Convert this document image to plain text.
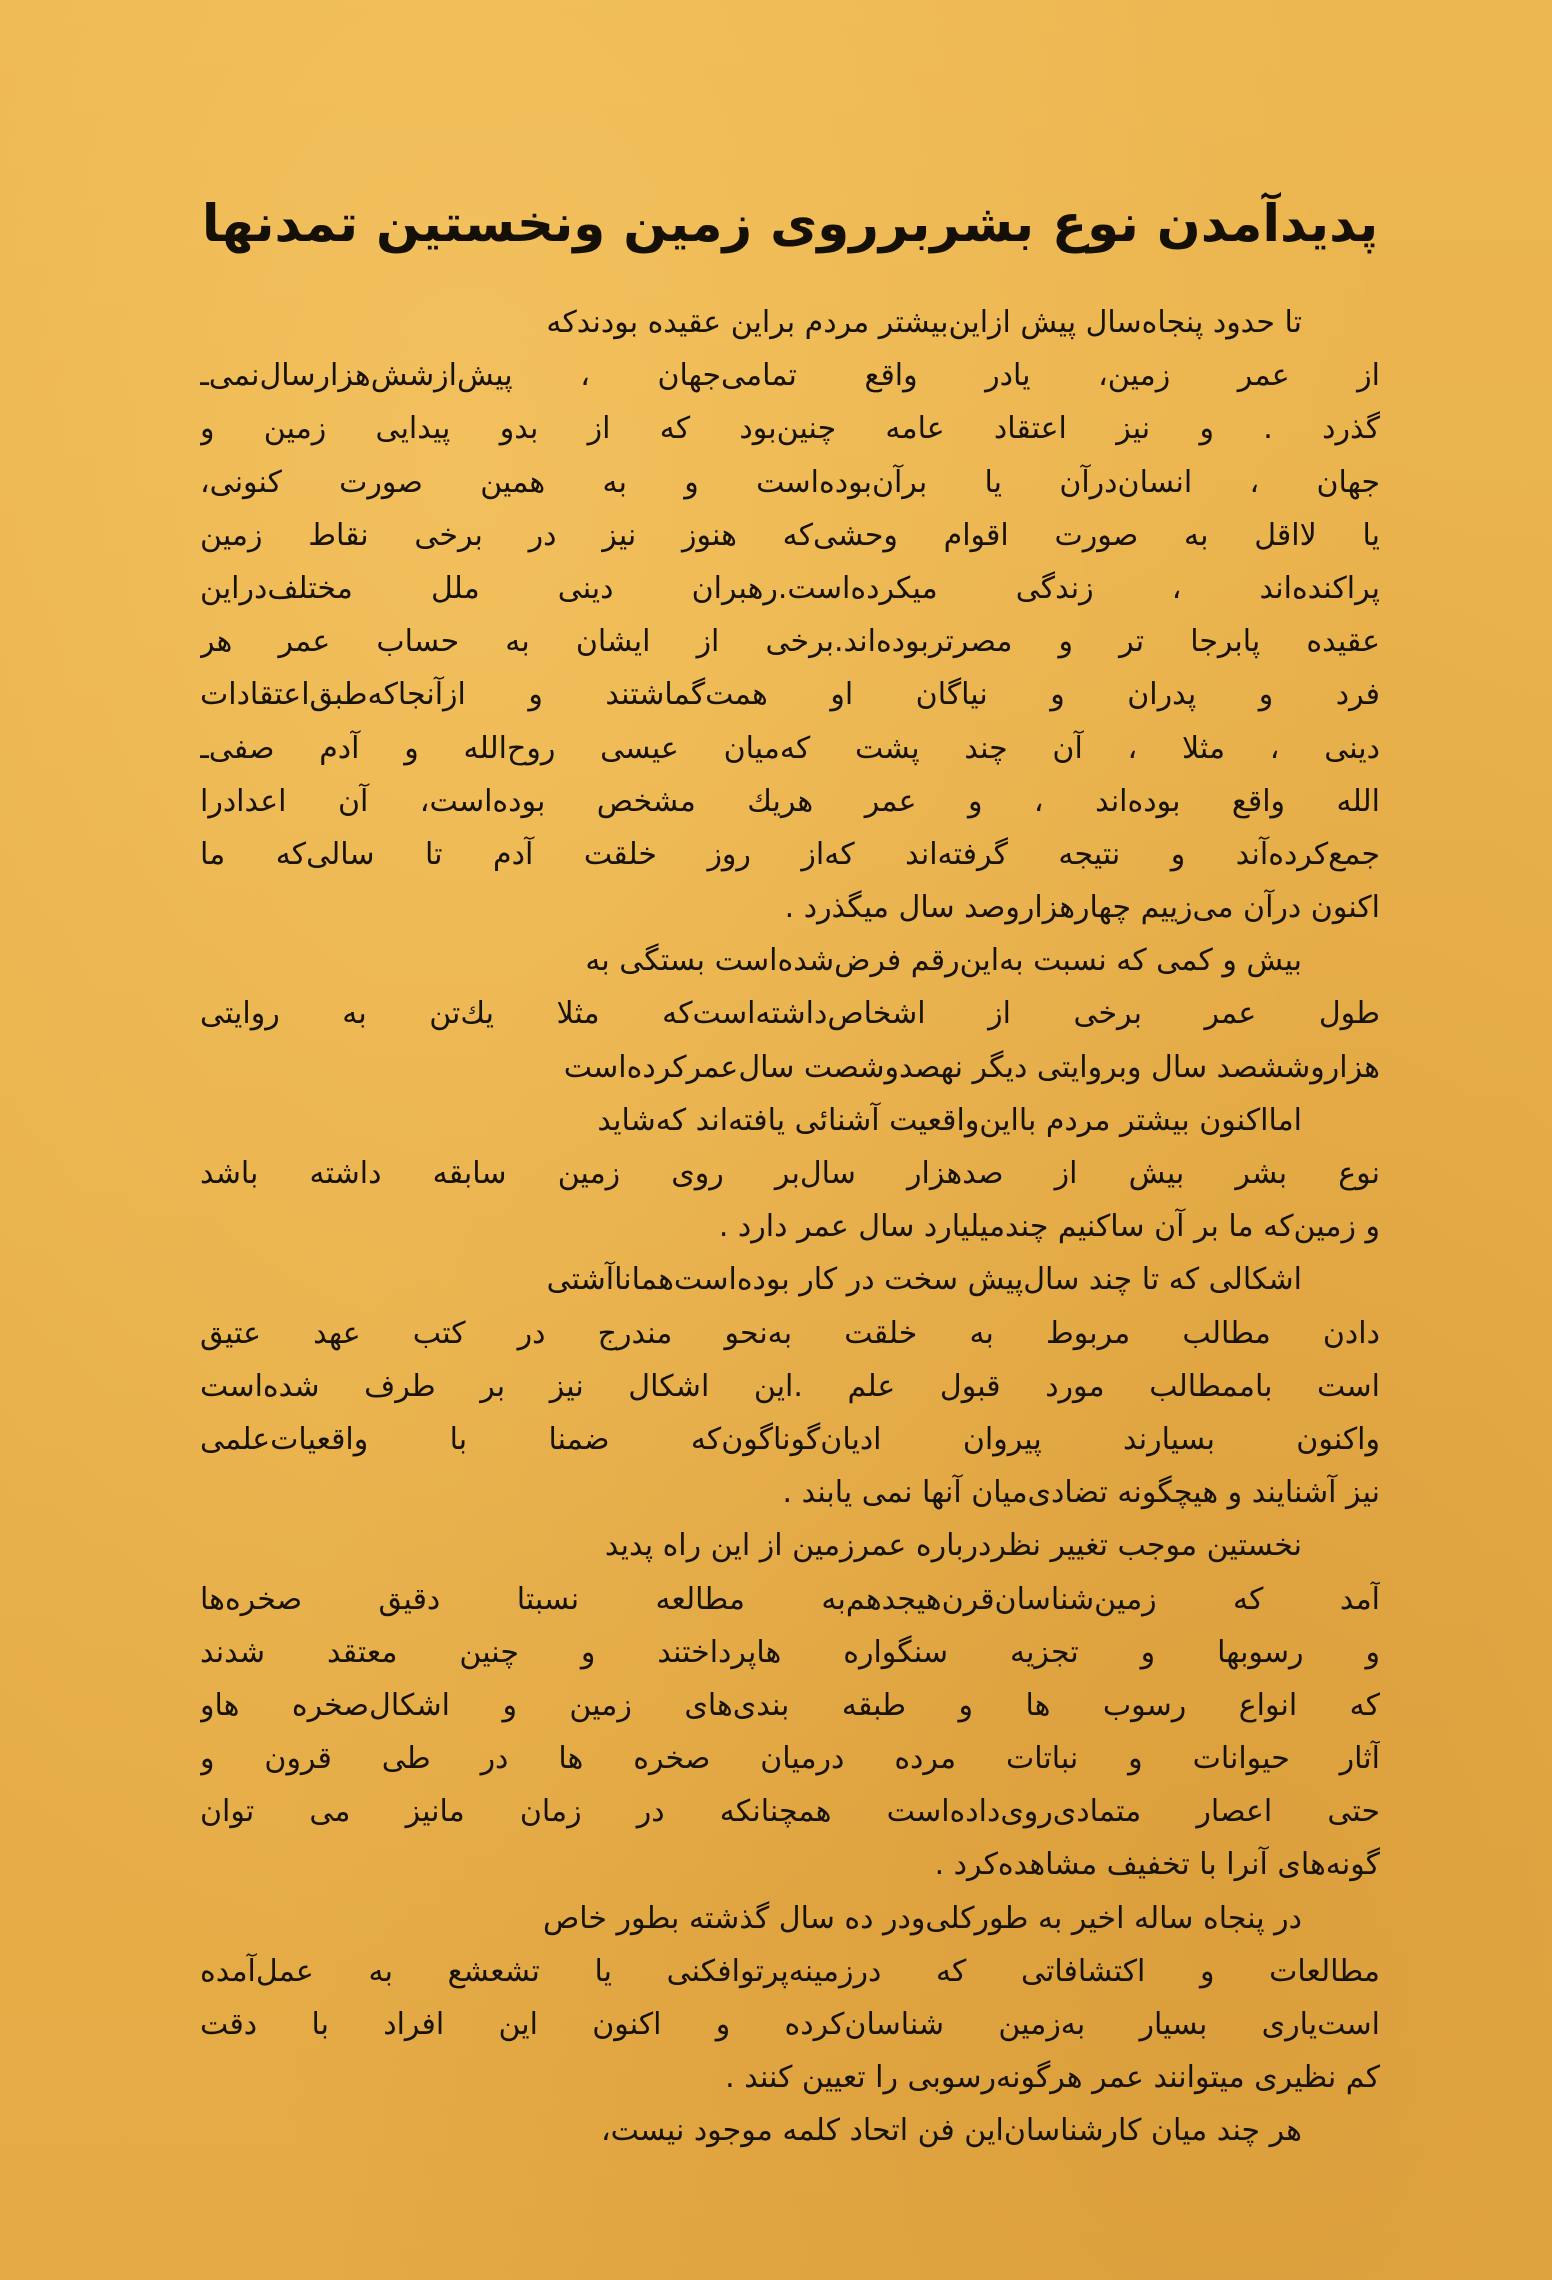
پدیدآمدن نوع بشربرروی زمین ونخستین تمدنها
تا حدود پنجاه‌سال پیش ازاین‌بیشتر مردم براین عقیده بودندکه
از عمر زمین، یادر واقع تمامی‌جهان ، پیش‌ازشش‌هزارسال‌نمی‌ـ
گذرد . و نیز اعتقاد عامه چنین‌بود که از بدو پیدایی زمین و
جهان ، انسان‌درآن یا برآن‌بوده‌است و به همین صورت کنونی،
یا لااقل به صورت اقوام وحشی‌که هنوز نیز در برخی نقاط زمین
پراکنده‌اند ، زندگی میکرده‌است.رهبران دینی ملل مختلف‌دراین
عقیده پابرجا تر و مصرتربوده‌اند.برخی از ایشان به حساب عمر هر
فرد و پدران و نیاگان او همت‌گماشتند و ازآنجاکه‌طبق‌اعتقادات
دینی ، مثلا ، آن چند پشت که‌میان عیسی روح‌الله و آدم صفی‌ـ
الله واقع بوده‌اند ، و عمر هریك مشخص بوده‌است، آن اعدادرا
جمع‌کرده‌آند و نتیجه گرفته‌اند که‌از روز خلقت آدم تا سالی‌که ما
اکنون درآن می‌زییم چهارهزاروصد سال میگذرد .
بیش و کمی که نسبت به‌این‌رقم فرض‌شده‌است بستگی به
طول عمر برخی از اشخاص‌داشته‌است‌که مثلا یك‌تن به روایتی
هزاروششصد سال وبروایتی دیگر نهصدوشصت سال‌عمرکرده‌است
امااکنون بیشتر مردم بااین‌واقعیت آشنائی یافته‌اند که‌شاید
نوع بشر بیش از صدهزار سال‌بر روی زمین سابقه داشته باشد
و زمین‌که ما بر آن ساکنیم چندمیلیارد سال عمر دارد .
اشکالی که تا چند سال‌پیش سخت در کار بوده‌است‌همانا‌آشتی
دادن مطالب مربوط به خلقت به‌نحو مندرج در کتب عهد عتیق
است باممطالب مورد قبول علم .این اشکال نیز بر طرف شده‌است
واکنون بسیارند پیروان ادیان‌گوناگون‌که ضمنا با واقعیات‌علمی
نیز آشنایند و هیچگونه تضادی‌میان آنها نمی یابند .
نخستین موجب تغییر نظردرباره عمرزمین از این راه پدید
آمد که زمین‌شناسان‌قرن‌هیجدهم‌به مطالعه نسبتا دقیق صخره‌ها
و رسوبها و تجزیه سنگواره هاپرداختند و چنین معتقد شدند
که انواع رسوب ها و طبقه بندی‌های زمین و اشکال‌صخره هاو
آثار حیوانات و نباتات مرده درمیان صخره ها در طی قرون و
حتی اعصار متمادی‌روی‌داده‌است همچنانکه در زمان مانیز می توان
گونه‌های آنرا با تخفیف مشاهده‌کرد .
در پنجاه ساله اخیر به طورکلی‌ودر ده سال گذشته بطور خاص
مطالعات و اکتشافاتی که درزمینه‌پرتوافکنی یا تشعشع به عمل‌آمده
است‌یاری بسیار به‌زمین شناسان‌کرده و اکنون این افراد با دقت
کم نظیری میتوانند عمر هرگونه‌رسوبی را تعیین کنند .
هر چند میان کارشناسان‌این فن اتحاد کلمه موجود نیست،
